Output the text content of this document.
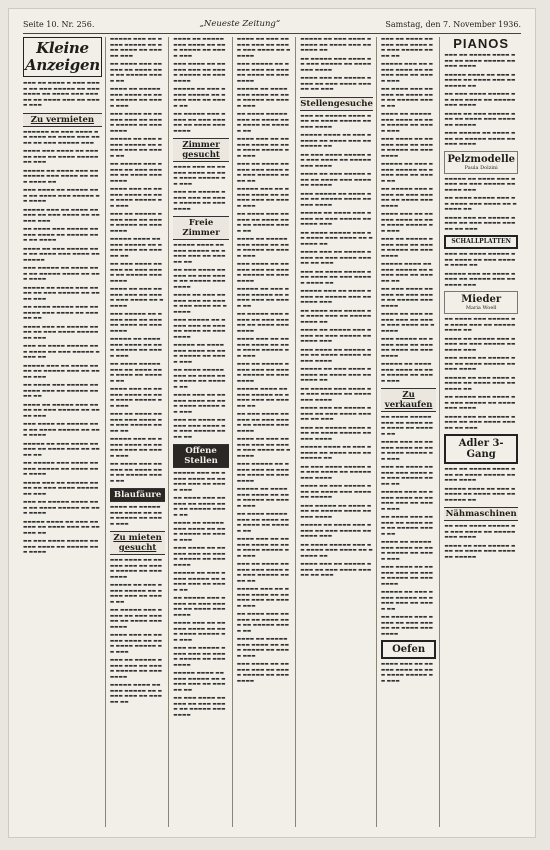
Seite 10. Nr. 256.	„Neueste Zeitung“	Samstag, den 7. November 1936.
Kleine Anzeigen

▬▬▬ ▬▬ ▬▬▬▬ ▬ ▬▬▬ ▬▬▬▬ ▬▬ ▬▬▬ ▬▬▬▬▬ ▬▬ ▬▬▬ ▬▬▬▬ ▬▬ ▬▬▬▬ ▬▬▬ ▬▬▬▬▬ ▬▬ ▬▬▬▬ ▬▬▬ ▬▬ ▬▬▬▬ ▬▬▬

Zu vermieten

▬▬▬▬▬▬ ▬▬ ▬▬▬ ▬▬▬▬ ▬▬ ▬▬▬▬ ▬▬ ▬▬▬▬ ▬▬▬ ▬▬▬▬ ▬▬ ▬▬▬ ▬▬▬▬▬ ▬▬▬

▬▬▬▬ ▬▬▬ ▬▬▬▬ ▬▬ ▬▬▬▬▬ ▬▬▬ ▬▬ ▬▬▬▬ ▬▬▬▬▬ ▬▬ ▬▬▬

▬▬▬▬▬ ▬▬ ▬▬▬▬ ▬▬▬ ▬▬ ▬▬▬▬▬ ▬▬▬ ▬▬▬▬ ▬▬ ▬▬▬ ▬▬▬▬ ▬▬

▬▬▬ ▬▬▬▬ ▬▬ ▬▬▬▬▬ ▬▬▬ ▬▬ ▬▬▬▬ ▬▬▬ ▬▬▬▬▬ ▬▬ ▬▬▬▬

▬▬▬▬▬ ▬▬▬ ▬▬ ▬▬▬▬ ▬▬▬▬▬ ▬▬ ▬▬▬ ▬▬▬▬ ▬▬ ▬▬▬▬▬ ▬▬▬

▬▬ ▬▬▬▬ ▬▬▬ ▬▬▬▬▬ ▬▬ ▬▬▬ ▬▬▬▬ ▬▬ ▬▬▬▬▬ ▬▬▬ ▬▬ ▬▬▬▬

▬▬▬▬ ▬▬ ▬▬▬ ▬▬▬▬▬ ▬▬▬ ▬▬ ▬▬▬▬ ▬▬▬ ▬▬▬▬ ▬▬ ▬▬▬▬▬

▬▬▬ ▬▬▬▬▬ ▬▬ ▬▬▬▬ ▬▬▬ ▬▬ ▬▬▬▬▬ ▬▬▬▬ ▬▬ ▬▬▬ ▬▬▬▬

▬▬▬▬▬ ▬▬ ▬▬▬▬ ▬▬▬ ▬▬▬▬ ▬▬ ▬▬▬ ▬▬▬▬▬ ▬▬ ▬▬▬▬ ▬▬▬

▬▬ ▬▬▬▬ ▬▬▬▬▬ ▬▬▬ ▬▬ ▬▬▬▬ ▬▬▬ ▬▬▬▬ ▬▬ ▬▬▬▬▬ ▬▬

▬▬▬▬ ▬▬▬ ▬▬ ▬▬▬▬▬ ▬▬▬▬ ▬▬ ▬▬▬ ▬▬▬▬ ▬▬▬▬▬ ▬▬ ▬▬▬

▬▬▬ ▬▬ ▬▬▬▬ ▬▬▬▬▬ ▬▬▬ ▬▬▬▬ ▬▬ ▬▬▬ ▬▬▬▬▬ ▬▬▬▬ ▬▬

▬▬▬▬▬ ▬▬▬ ▬▬ ▬▬▬▬ ▬▬▬▬ ▬▬ ▬▬▬▬▬ ▬▬▬ ▬▬ ▬▬▬▬ ▬▬▬

▬▬ ▬▬▬▬ ▬▬▬ ▬▬▬▬▬ ▬▬ ▬▬▬▬ ▬▬▬ ▬▬ ▬▬▬▬▬ ▬▬▬▬ ▬▬

▬▬▬▬ ▬▬ ▬▬▬▬▬ ▬▬▬ ▬▬▬▬ ▬▬ ▬▬▬ ▬▬▬▬▬ ▬▬ ▬▬▬▬ ▬▬▬

▬▬▬ ▬▬▬▬ ▬▬ ▬▬▬▬▬ ▬▬▬ ▬▬ ▬▬▬▬ ▬▬▬▬▬ ▬▬ ▬▬▬ ▬▬▬▬

▬▬▬▬▬ ▬▬ ▬▬▬ ▬▬▬▬ ▬▬▬▬▬ ▬▬ ▬▬▬▬ ▬▬▬ ▬▬ ▬▬▬▬ ▬▬

▬▬ ▬▬▬▬▬ ▬▬▬ ▬▬▬▬ ▬▬ ▬▬▬ ▬▬▬▬▬ ▬▬ ▬▬▬▬ ▬▬▬ ▬▬▬▬

▬▬▬▬ ▬▬▬ ▬▬ ▬▬▬▬▬ ▬▬▬▬ ▬▬ ▬▬▬ ▬▬▬▬ ▬▬▬▬▬ ▬▬ ▬▬▬

▬▬▬ ▬▬ ▬▬▬▬▬ ▬▬▬▬ ▬▬▬ ▬▬ ▬▬▬▬ ▬▬▬▬▬ ▬▬ ▬▬▬ ▬▬▬▬

▬▬▬▬▬ ▬▬▬▬ ▬▬ ▬▬▬ ▬▬▬▬▬ ▬▬ ▬▬▬▬ ▬▬▬ ▬▬ ▬▬▬▬▬ ▬▬

▬▬ ▬▬▬ ▬▬▬▬ ▬▬▬▬▬ ▬▬ ▬▬▬ ▬▬▬▬ ▬▬ ▬▬▬▬▬ ▬▬▬ ▬▬▬▬

▬▬▬▬▬ ▬▬▬ ▬▬ ▬▬▬▬ ▬▬▬▬▬ ▬▬ ▬▬▬ ▬▬▬▬ ▬▬ ▬▬▬▬▬ ▬▬▬

▬▬ ▬▬▬▬ ▬▬▬ ▬▬▬▬▬ ▬▬ ▬▬▬▬ ▬▬▬ ▬▬ ▬▬▬▬▬ ▬▬▬▬ ▬▬

▬▬▬▬ ▬▬ ▬▬▬▬▬ ▬▬▬ ▬▬▬▬ ▬▬ ▬▬▬ ▬▬▬▬▬ ▬▬ ▬▬▬▬ ▬▬▬

▬▬▬ ▬▬▬▬ ▬▬ ▬▬▬▬▬ ▬▬▬ ▬▬ ▬▬▬▬ ▬▬▬▬▬ ▬▬ ▬▬▬ ▬▬▬▬

▬▬▬▬▬ ▬▬ ▬▬▬ ▬▬▬▬ ▬▬▬▬▬ ▬▬ ▬▬▬▬ ▬▬▬ ▬▬ ▬▬▬▬ ▬▬

▬▬ ▬▬▬▬▬ ▬▬▬ ▬▬▬▬ ▬▬ ▬▬▬ ▬▬▬▬▬ ▬▬ ▬▬▬▬ ▬▬▬ ▬▬▬▬

▬▬▬▬ ▬▬▬ ▬▬ ▬▬▬▬▬ ▬▬▬▬ ▬▬ ▬▬▬ ▬▬▬▬ ▬▬▬▬▬ ▬▬ ▬▬▬

▬▬▬ ▬▬ ▬▬▬▬▬ ▬▬▬▬ ▬▬▬ ▬▬ ▬▬▬▬ ▬▬▬▬▬ ▬▬ ▬▬▬ ▬▬▬▬

▬▬▬▬▬ ▬▬▬▬ ▬▬ ▬▬▬ ▬▬▬▬▬ ▬▬ ▬▬▬▬ ▬▬▬ ▬▬ ▬▬▬▬▬ ▬▬

▬▬ ▬▬▬ ▬▬▬▬ ▬▬▬▬▬ ▬▬ ▬▬▬ ▬▬▬▬ ▬▬ ▬▬▬▬▬ ▬▬▬ ▬▬▬▬

▬▬▬▬ ▬▬ ▬▬▬ ▬▬▬▬▬ ▬▬▬ ▬▬ ▬▬▬▬ ▬▬▬ ▬▬▬▬ ▬▬ ▬▬▬▬▬

▬▬▬ ▬▬▬▬▬ ▬▬ ▬▬▬▬ ▬▬▬ ▬▬ ▬▬▬▬▬ ▬▬▬▬ ▬▬ ▬▬▬ ▬▬▬▬

▬▬▬▬▬ ▬▬ ▬▬▬▬ ▬▬▬ ▬▬▬▬ ▬▬ ▬▬▬ ▬▬▬▬▬ ▬▬ ▬▬▬▬ ▬▬▬

▬▬ ▬▬▬▬ ▬▬▬▬▬ ▬▬▬ ▬▬ ▬▬▬▬ ▬▬▬ ▬▬▬▬ ▬▬ ▬▬▬▬▬ ▬▬

▬▬▬▬ ▬▬▬ ▬▬ ▬▬▬▬▬ ▬▬▬▬ ▬▬ ▬▬▬ ▬▬▬▬ ▬▬▬▬▬ ▬▬ ▬▬▬

▬▬▬ ▬▬ ▬▬▬▬ ▬▬▬▬▬ ▬▬▬ ▬▬▬▬ ▬▬ ▬▬▬ ▬▬▬▬▬ ▬▬▬▬ ▬▬

▬▬▬▬▬ ▬▬▬ ▬▬ ▬▬▬▬ ▬▬▬▬ ▬▬ ▬▬▬▬▬ ▬▬▬ ▬▬ ▬▬▬▬ ▬▬▬

▬▬ ▬▬▬▬ ▬▬▬ ▬▬▬▬▬ ▬▬ ▬▬▬▬ ▬▬▬ ▬▬ ▬▬▬▬▬ ▬▬▬▬ ▬▬

Blaufäure

▬▬▬▬ ▬▬ ▬▬▬▬▬ ▬▬▬ ▬▬▬▬ ▬▬ ▬▬▬ ▬▬▬▬▬ ▬▬ ▬▬▬▬ ▬▬▬

Zu mieten gesucht

▬▬▬ ▬▬▬▬ ▬▬ ▬▬▬▬▬ ▬▬▬ ▬▬ ▬▬▬▬ ▬▬▬▬▬ ▬▬ ▬▬▬ ▬▬▬▬

▬▬▬▬▬ ▬▬ ▬▬▬ ▬▬▬▬ ▬▬▬▬▬ ▬▬ ▬▬▬▬ ▬▬▬ ▬▬ ▬▬▬▬ ▬▬

▬▬ ▬▬▬▬▬ ▬▬▬ ▬▬▬▬ ▬▬ ▬▬▬ ▬▬▬▬▬ ▬▬ ▬▬▬▬ ▬▬▬ ▬▬▬▬

▬▬▬▬ ▬▬▬ ▬▬ ▬▬▬▬▬ ▬▬▬▬ ▬▬ ▬▬▬ ▬▬▬▬ ▬▬▬▬▬ ▬▬ ▬▬▬

▬▬▬ ▬▬ ▬▬▬▬▬ ▬▬▬▬ ▬▬▬ ▬▬ ▬▬▬▬ ▬▬▬▬▬ ▬▬ ▬▬▬ ▬▬▬▬

▬▬▬▬▬ ▬▬▬▬ ▬▬ ▬▬▬ ▬▬▬▬▬ ▬▬ ▬▬▬▬ ▬▬▬ ▬▬ ▬▬▬▬▬ ▬▬

▬▬▬▬ ▬▬ ▬▬▬▬▬ ▬▬▬ ▬▬▬▬ ▬▬ ▬▬▬ ▬▬▬▬▬ ▬▬ ▬▬▬▬ ▬▬▬

▬▬▬ ▬▬▬▬ ▬▬ ▬▬▬▬▬ ▬▬▬ ▬▬ ▬▬▬▬ ▬▬▬▬▬ ▬▬ ▬▬▬ ▬▬▬▬

▬▬▬▬▬ ▬▬ ▬▬▬ ▬▬▬▬ ▬▬▬▬▬ ▬▬ ▬▬▬▬ ▬▬▬ ▬▬ ▬▬▬▬ ▬▬

▬▬ ▬▬▬▬▬ ▬▬▬ ▬▬▬▬ ▬▬ ▬▬▬ ▬▬▬▬▬ ▬▬ ▬▬▬▬ ▬▬▬ ▬▬▬▬

Zimmer gesucht

▬▬▬▬ ▬▬▬ ▬▬ ▬▬▬▬▬ ▬▬▬▬ ▬▬ ▬▬▬ ▬▬▬▬ ▬▬▬▬▬ ▬▬ ▬▬▬

▬▬▬ ▬▬ ▬▬▬▬▬ ▬▬▬▬ ▬▬▬ ▬▬ ▬▬▬▬ ▬▬▬▬▬ ▬▬ ▬▬▬ ▬▬▬▬

Freie Zimmer

▬▬▬▬▬ ▬▬▬▬ ▬▬ ▬▬▬ ▬▬▬▬▬ ▬▬ ▬▬▬▬ ▬▬▬ ▬▬ ▬▬▬▬▬ ▬▬

▬▬ ▬▬▬ ▬▬▬▬ ▬▬▬▬▬ ▬▬ ▬▬▬ ▬▬▬▬ ▬▬ ▬▬▬▬▬ ▬▬▬ ▬▬▬▬

▬▬▬▬ ▬▬ ▬▬▬ ▬▬▬▬▬ ▬▬▬ ▬▬ ▬▬▬▬ ▬▬▬ ▬▬▬▬ ▬▬ ▬▬▬▬▬

▬▬▬ ▬▬▬▬▬ ▬▬ ▬▬▬▬ ▬▬▬ ▬▬ ▬▬▬▬▬ ▬▬▬▬ ▬▬ ▬▬▬ ▬▬▬▬

▬▬▬▬▬ ▬▬ ▬▬▬▬ ▬▬▬ ▬▬▬▬ ▬▬ ▬▬▬ ▬▬▬▬▬ ▬▬ ▬▬▬▬ ▬▬▬

▬▬ ▬▬▬▬ ▬▬▬▬▬ ▬▬▬ ▬▬ ▬▬▬▬ ▬▬▬ ▬▬▬▬ ▬▬ ▬▬▬▬▬ ▬▬

▬▬▬▬ ▬▬▬ ▬▬ ▬▬▬▬▬ ▬▬▬▬ ▬▬ ▬▬▬ ▬▬▬▬ ▬▬▬▬▬ ▬▬ ▬▬▬

▬▬▬ ▬▬ ▬▬▬▬ ▬▬▬▬▬ ▬▬▬ ▬▬▬▬ ▬▬ ▬▬▬ ▬▬▬▬▬ ▬▬▬▬ ▬▬

Offene Stellen

▬▬▬▬▬ ▬▬▬ ▬▬ ▬▬▬▬ ▬▬▬▬ ▬▬ ▬▬▬▬▬ ▬▬▬ ▬▬ ▬▬▬▬ ▬▬▬

▬▬ ▬▬▬▬ ▬▬▬ ▬▬▬▬▬ ▬▬ ▬▬▬▬ ▬▬▬ ▬▬ ▬▬▬▬▬ ▬▬▬▬ ▬▬

▬▬▬▬ ▬▬ ▬▬▬▬▬ ▬▬▬ ▬▬▬▬ ▬▬ ▬▬▬ ▬▬▬▬▬ ▬▬ ▬▬▬▬ ▬▬▬

▬▬▬ ▬▬▬▬ ▬▬ ▬▬▬▬▬ ▬▬▬ ▬▬ ▬▬▬▬ ▬▬▬▬▬ ▬▬ ▬▬▬ ▬▬▬▬

▬▬▬▬▬ ▬▬ ▬▬▬ ▬▬▬▬ ▬▬▬▬▬ ▬▬ ▬▬▬▬ ▬▬▬ ▬▬ ▬▬▬▬ ▬▬

▬▬ ▬▬▬▬▬ ▬▬▬ ▬▬▬▬ ▬▬ ▬▬▬ ▬▬▬▬▬ ▬▬ ▬▬▬▬ ▬▬▬ ▬▬▬▬

▬▬▬▬ ▬▬▬ ▬▬ ▬▬▬▬▬ ▬▬▬▬ ▬▬ ▬▬▬ ▬▬▬▬ ▬▬▬▬▬ ▬▬ ▬▬▬

▬▬▬ ▬▬ ▬▬▬▬▬ ▬▬▬▬ ▬▬▬ ▬▬ ▬▬▬▬ ▬▬▬▬▬ ▬▬ ▬▬▬ ▬▬▬▬

▬▬▬▬▬ ▬▬▬▬ ▬▬ ▬▬▬ ▬▬▬▬▬ ▬▬ ▬▬▬▬ ▬▬▬ ▬▬ ▬▬▬▬▬ ▬▬

▬▬ ▬▬▬ ▬▬▬▬ ▬▬▬▬▬ ▬▬ ▬▬▬ ▬▬▬▬ ▬▬ ▬▬▬▬▬ ▬▬▬ ▬▬▬▬

▬▬▬▬ ▬▬ ▬▬▬ ▬▬▬▬▬ ▬▬▬ ▬▬ ▬▬▬▬ ▬▬▬ ▬▬▬▬ ▬▬ ▬▬▬▬▬

▬▬▬ ▬▬▬▬▬ ▬▬ ▬▬▬▬ ▬▬▬ ▬▬ ▬▬▬▬▬ ▬▬▬▬ ▬▬ ▬▬▬ ▬▬▬▬

▬▬▬▬▬ ▬▬ ▬▬▬▬ ▬▬▬ ▬▬▬▬ ▬▬ ▬▬▬ ▬▬▬▬▬ ▬▬ ▬▬▬▬ ▬▬▬

▬▬ ▬▬▬▬ ▬▬▬▬▬ ▬▬▬ ▬▬ ▬▬▬▬ ▬▬▬ ▬▬▬▬ ▬▬ ▬▬▬▬▬ ▬▬

▬▬▬▬ ▬▬▬ ▬▬ ▬▬▬▬▬ ▬▬▬▬ ▬▬ ▬▬▬ ▬▬▬▬ ▬▬▬▬▬ ▬▬ ▬▬▬

▬▬▬ ▬▬ ▬▬▬▬ ▬▬▬▬▬ ▬▬▬ ▬▬▬▬ ▬▬ ▬▬▬ ▬▬▬▬▬ ▬▬▬▬ ▬▬

▬▬▬▬▬ ▬▬▬ ▬▬ ▬▬▬▬ ▬▬▬▬ ▬▬ ▬▬▬▬▬ ▬▬▬ ▬▬ ▬▬▬▬ ▬▬▬

▬▬ ▬▬▬▬ ▬▬▬ ▬▬▬▬▬ ▬▬ ▬▬▬▬ ▬▬▬ ▬▬ ▬▬▬▬▬ ▬▬▬▬ ▬▬

▬▬▬▬ ▬▬ ▬▬▬▬▬ ▬▬▬ ▬▬▬▬ ▬▬ ▬▬▬ ▬▬▬▬▬ ▬▬ ▬▬▬▬ ▬▬▬

▬▬▬ ▬▬▬▬ ▬▬ ▬▬▬▬▬ ▬▬▬ ▬▬ ▬▬▬▬ ▬▬▬▬▬ ▬▬ ▬▬▬ ▬▬▬▬

▬▬▬▬▬ ▬▬ ▬▬▬ ▬▬▬▬ ▬▬▬▬▬ ▬▬ ▬▬▬▬ ▬▬▬ ▬▬ ▬▬▬▬ ▬▬

▬▬ ▬▬▬▬▬ ▬▬▬ ▬▬▬▬ ▬▬ ▬▬▬ ▬▬▬▬▬ ▬▬ ▬▬▬▬ ▬▬▬ ▬▬▬▬

▬▬▬▬ ▬▬▬ ▬▬ ▬▬▬▬▬ ▬▬▬▬ ▬▬ ▬▬▬ ▬▬▬▬ ▬▬▬▬▬ ▬▬ ▬▬▬

▬▬▬ ▬▬ ▬▬▬▬▬ ▬▬▬▬ ▬▬▬ ▬▬ ▬▬▬▬ ▬▬▬▬▬ ▬▬ ▬▬▬ ▬▬▬▬

▬▬▬▬▬ ▬▬▬▬ ▬▬ ▬▬▬ ▬▬▬▬▬ ▬▬ ▬▬▬▬ ▬▬▬ ▬▬ ▬▬▬▬▬ ▬▬

▬▬ ▬▬▬ ▬▬▬▬ ▬▬▬▬▬ ▬▬ ▬▬▬ ▬▬▬▬ ▬▬ ▬▬▬▬▬ ▬▬▬ ▬▬▬▬

▬▬▬▬ ▬▬ ▬▬▬ ▬▬▬▬▬ ▬▬▬ ▬▬ ▬▬▬▬ ▬▬▬ ▬▬▬▬ ▬▬ ▬▬▬▬▬

▬▬▬ ▬▬▬▬▬ ▬▬ ▬▬▬▬ ▬▬▬ ▬▬ ▬▬▬▬▬ ▬▬▬▬ ▬▬ ▬▬▬ ▬▬▬▬

▬▬▬▬▬ ▬▬ ▬▬▬▬ ▬▬▬ ▬▬▬▬ ▬▬ ▬▬▬ ▬▬▬▬▬ ▬▬ ▬▬▬▬ ▬▬▬

▬▬ ▬▬▬▬ ▬▬▬▬▬ ▬▬▬ ▬▬ ▬▬▬▬ ▬▬▬ ▬▬▬▬ ▬▬ ▬▬▬▬▬ ▬▬

▬▬▬▬ ▬▬▬ ▬▬ ▬▬▬▬▬ ▬▬▬▬ ▬▬ ▬▬▬ ▬▬▬▬ ▬▬▬▬▬ ▬▬ ▬▬▬

▬▬▬ ▬▬ ▬▬▬▬ ▬▬▬▬▬ ▬▬▬ ▬▬▬▬ ▬▬ ▬▬▬ ▬▬▬▬▬ ▬▬▬▬ ▬▬

▬▬▬▬▬ ▬▬▬ ▬▬ ▬▬▬▬ ▬▬▬▬ ▬▬ ▬▬▬▬▬ ▬▬▬ ▬▬ ▬▬▬▬ ▬▬▬

▬▬ ▬▬▬▬ ▬▬▬ ▬▬▬▬▬ ▬▬ ▬▬▬▬ ▬▬▬ ▬▬ ▬▬▬▬▬ ▬▬▬▬ ▬▬

▬▬▬▬ ▬▬ ▬▬▬▬▬ ▬▬▬ ▬▬▬▬ ▬▬ ▬▬▬ ▬▬▬▬▬ ▬▬ ▬▬▬▬ ▬▬▬

▬▬▬ ▬▬▬▬ ▬▬ ▬▬▬▬▬ ▬▬▬ ▬▬ ▬▬▬▬ ▬▬▬▬▬ ▬▬ ▬▬▬ ▬▬▬▬

▬▬▬▬▬ ▬▬ ▬▬▬ ▬▬▬▬ ▬▬▬▬▬ ▬▬ ▬▬▬▬ ▬▬▬ ▬▬ ▬▬▬▬ ▬▬

▬▬ ▬▬▬▬▬ ▬▬▬ ▬▬▬▬ ▬▬ ▬▬▬ ▬▬▬▬▬ ▬▬ ▬▬▬▬ ▬▬▬ ▬▬▬▬

▬▬▬▬ ▬▬▬ ▬▬ ▬▬▬▬▬ ▬▬▬▬ ▬▬ ▬▬▬ ▬▬▬▬ ▬▬▬▬▬ ▬▬ ▬▬▬

Stellengesuche

▬▬▬ ▬▬ ▬▬▬▬▬ ▬▬▬▬ ▬▬▬ ▬▬ ▬▬▬▬ ▬▬▬▬▬ ▬▬ ▬▬▬ ▬▬▬▬

▬▬▬▬▬ ▬▬▬▬ ▬▬ ▬▬▬ ▬▬▬▬▬ ▬▬ ▬▬▬▬ ▬▬▬ ▬▬ ▬▬▬▬▬ ▬▬

▬▬ ▬▬▬ ▬▬▬▬ ▬▬▬▬▬ ▬▬ ▬▬▬ ▬▬▬▬ ▬▬ ▬▬▬▬▬ ▬▬▬ ▬▬▬▬

▬▬▬▬ ▬▬ ▬▬▬ ▬▬▬▬▬ ▬▬▬ ▬▬ ▬▬▬▬ ▬▬▬ ▬▬▬▬ ▬▬ ▬▬▬▬▬

▬▬▬ ▬▬▬▬▬ ▬▬ ▬▬▬▬ ▬▬▬ ▬▬ ▬▬▬▬▬ ▬▬▬▬ ▬▬ ▬▬▬ ▬▬▬▬

▬▬▬▬▬ ▬▬ ▬▬▬▬ ▬▬▬ ▬▬▬▬ ▬▬ ▬▬▬ ▬▬▬▬▬ ▬▬ ▬▬▬▬ ▬▬▬

▬▬ ▬▬▬▬ ▬▬▬▬▬ ▬▬▬ ▬▬ ▬▬▬▬ ▬▬▬ ▬▬▬▬ ▬▬ ▬▬▬▬▬ ▬▬

▬▬▬▬ ▬▬▬ ▬▬ ▬▬▬▬▬ ▬▬▬▬ ▬▬ ▬▬▬ ▬▬▬▬ ▬▬▬▬▬ ▬▬ ▬▬▬

▬▬▬ ▬▬ ▬▬▬▬ ▬▬▬▬▬ ▬▬▬ ▬▬▬▬ ▬▬ ▬▬▬ ▬▬▬▬▬ ▬▬▬▬ ▬▬

▬▬▬▬▬ ▬▬▬ ▬▬ ▬▬▬▬ ▬▬▬▬ ▬▬ ▬▬▬▬▬ ▬▬▬ ▬▬ ▬▬▬▬ ▬▬▬

▬▬ ▬▬▬▬ ▬▬▬ ▬▬▬▬▬ ▬▬ ▬▬▬▬ ▬▬▬ ▬▬ ▬▬▬▬▬ ▬▬▬▬ ▬▬

▬▬▬▬ ▬▬ ▬▬▬▬▬ ▬▬▬ ▬▬▬▬ ▬▬ ▬▬▬ ▬▬▬▬▬ ▬▬ ▬▬▬▬ ▬▬▬

▬▬▬ ▬▬▬▬ ▬▬ ▬▬▬▬▬ ▬▬▬ ▬▬ ▬▬▬▬ ▬▬▬▬▬ ▬▬ ▬▬▬ ▬▬▬▬

▬▬▬▬▬ ▬▬ ▬▬▬ ▬▬▬▬ ▬▬▬▬▬ ▬▬ ▬▬▬▬ ▬▬▬ ▬▬ ▬▬▬▬ ▬▬

▬▬ ▬▬▬▬▬ ▬▬▬ ▬▬▬▬ ▬▬ ▬▬▬ ▬▬▬▬▬ ▬▬ ▬▬▬▬ ▬▬▬ ▬▬▬▬

▬▬▬▬ ▬▬▬ ▬▬ ▬▬▬▬▬ ▬▬▬▬ ▬▬ ▬▬▬ ▬▬▬▬ ▬▬▬▬▬ ▬▬ ▬▬▬

▬▬▬ ▬▬ ▬▬▬▬▬ ▬▬▬▬ ▬▬▬ ▬▬ ▬▬▬▬ ▬▬▬▬▬ ▬▬ ▬▬▬ ▬▬▬▬

▬▬▬▬▬ ▬▬▬▬ ▬▬ ▬▬▬ ▬▬▬▬▬ ▬▬ ▬▬▬▬ ▬▬▬ ▬▬ ▬▬▬▬▬ ▬▬

▬▬ ▬▬▬ ▬▬▬▬ ▬▬▬▬▬ ▬▬ ▬▬▬ ▬▬▬▬ ▬▬ ▬▬▬▬▬ ▬▬▬ ▬▬▬▬

▬▬▬▬ ▬▬ ▬▬▬ ▬▬▬▬▬ ▬▬▬ ▬▬ ▬▬▬▬ ▬▬▬ ▬▬▬▬ ▬▬ ▬▬▬▬▬

▬▬▬ ▬▬▬▬▬ ▬▬ ▬▬▬▬ ▬▬▬ ▬▬ ▬▬▬▬▬ ▬▬▬▬ ▬▬ ▬▬▬ ▬▬▬▬

▬▬▬▬▬ ▬▬ ▬▬▬▬ ▬▬▬ ▬▬▬▬ ▬▬ ▬▬▬ ▬▬▬▬▬ ▬▬ ▬▬▬▬ ▬▬▬

▬▬ ▬▬▬▬ ▬▬▬▬▬ ▬▬▬ ▬▬ ▬▬▬▬ ▬▬▬ ▬▬▬▬ ▬▬ ▬▬▬▬▬ ▬▬

▬▬▬▬ ▬▬▬ ▬▬ ▬▬▬▬▬ ▬▬▬▬ ▬▬ ▬▬▬ ▬▬▬▬ ▬▬▬▬▬ ▬▬ ▬▬▬

▬▬▬ ▬▬ ▬▬▬▬ ▬▬▬▬▬ ▬▬▬ ▬▬▬▬ ▬▬ ▬▬▬ ▬▬▬▬▬ ▬▬▬▬ ▬▬

▬▬▬▬▬ ▬▬▬ ▬▬ ▬▬▬▬ ▬▬▬▬ ▬▬ ▬▬▬▬▬ ▬▬▬ ▬▬ ▬▬▬▬ ▬▬▬

▬▬ ▬▬▬▬ ▬▬▬ ▬▬▬▬▬ ▬▬ ▬▬▬▬ ▬▬▬ ▬▬ ▬▬▬▬▬ ▬▬▬▬ ▬▬

▬▬▬▬ ▬▬ ▬▬▬▬▬ ▬▬▬ ▬▬▬▬ ▬▬ ▬▬▬ ▬▬▬▬▬ ▬▬ ▬▬▬▬ ▬▬▬

▬▬▬ ▬▬▬▬ ▬▬ ▬▬▬▬▬ ▬▬▬ ▬▬ ▬▬▬▬ ▬▬▬▬▬ ▬▬ ▬▬▬ ▬▬▬▬

▬▬▬▬▬ ▬▬ ▬▬▬ ▬▬▬▬ ▬▬▬▬▬ ▬▬ ▬▬▬▬ ▬▬▬ ▬▬ ▬▬▬▬ ▬▬

▬▬ ▬▬▬▬▬ ▬▬▬ ▬▬▬▬ ▬▬ ▬▬▬ ▬▬▬▬▬ ▬▬ ▬▬▬▬ ▬▬▬ ▬▬▬▬

▬▬▬▬ ▬▬▬ ▬▬ ▬▬▬▬▬ ▬▬▬▬ ▬▬ ▬▬▬ ▬▬▬▬ ▬▬▬▬▬ ▬▬ ▬▬▬

▬▬▬ ▬▬ ▬▬▬▬▬ ▬▬▬▬ ▬▬▬ ▬▬ ▬▬▬▬ ▬▬▬▬▬ ▬▬ ▬▬▬ ▬▬▬▬

▬▬▬▬▬ ▬▬▬▬ ▬▬ ▬▬▬ ▬▬▬▬▬ ▬▬ ▬▬▬▬ ▬▬▬ ▬▬ ▬▬▬▬▬ ▬▬

▬▬ ▬▬▬ ▬▬▬▬ ▬▬▬▬▬ ▬▬ ▬▬▬ ▬▬▬▬ ▬▬ ▬▬▬▬▬ ▬▬▬ ▬▬▬▬

▬▬▬▬ ▬▬ ▬▬▬ ▬▬▬▬▬ ▬▬▬ ▬▬ ▬▬▬▬ ▬▬▬ ▬▬▬▬ ▬▬ ▬▬▬▬▬

▬▬▬ ▬▬▬▬▬ ▬▬ ▬▬▬▬ ▬▬▬ ▬▬ ▬▬▬▬▬ ▬▬▬▬ ▬▬ ▬▬▬ ▬▬▬▬

▬▬▬▬▬ ▬▬ ▬▬▬▬ ▬▬▬ ▬▬▬▬ ▬▬ ▬▬▬ ▬▬▬▬▬ ▬▬ ▬▬▬▬ ▬▬▬

Zu verkaufen

▬▬ ▬▬▬▬ ▬▬▬▬▬ ▬▬▬ ▬▬ ▬▬▬▬ ▬▬▬ ▬▬▬▬ ▬▬ ▬▬▬▬▬ ▬▬

▬▬▬▬ ▬▬▬ ▬▬ ▬▬▬▬▬ ▬▬▬▬ ▬▬ ▬▬▬ ▬▬▬▬ ▬▬▬▬▬ ▬▬ ▬▬▬

▬▬▬ ▬▬ ▬▬▬▬ ▬▬▬▬▬ ▬▬▬ ▬▬▬▬ ▬▬ ▬▬▬ ▬▬▬▬▬ ▬▬▬▬ ▬▬

▬▬▬▬▬ ▬▬▬ ▬▬ ▬▬▬▬ ▬▬▬▬ ▬▬ ▬▬▬▬▬ ▬▬▬ ▬▬ ▬▬▬▬ ▬▬▬

▬▬ ▬▬▬▬ ▬▬▬ ▬▬▬▬▬ ▬▬ ▬▬▬▬ ▬▬▬ ▬▬ ▬▬▬▬▬ ▬▬▬▬ ▬▬

▬▬▬▬ ▬▬ ▬▬▬▬▬ ▬▬▬ ▬▬▬▬ ▬▬ ▬▬▬ ▬▬▬▬▬ ▬▬ ▬▬▬▬ ▬▬▬

▬▬▬ ▬▬▬▬ ▬▬ ▬▬▬▬▬ ▬▬▬ ▬▬ ▬▬▬▬ ▬▬▬▬▬ ▬▬ ▬▬▬ ▬▬▬▬

▬▬▬▬▬ ▬▬ ▬▬▬ ▬▬▬▬ ▬▬▬▬▬ ▬▬ ▬▬▬▬ ▬▬▬ ▬▬ ▬▬▬▬ ▬▬

▬▬ ▬▬▬▬▬ ▬▬▬ ▬▬▬▬ ▬▬ ▬▬▬ ▬▬▬▬▬ ▬▬ ▬▬▬▬ ▬▬▬ ▬▬▬▬

Oefen

▬▬▬▬ ▬▬▬ ▬▬ ▬▬▬▬▬ ▬▬▬▬ ▬▬ ▬▬▬ ▬▬▬▬ ▬▬▬▬▬ ▬▬ ▬▬▬

PIANOS

▬▬▬ ▬▬ ▬▬▬▬▬ ▬▬▬▬ ▬▬▬ ▬▬ ▬▬▬▬ ▬▬▬▬▬ ▬▬ ▬▬▬ ▬▬▬▬

▬▬▬▬▬ ▬▬▬▬ ▬▬ ▬▬▬ ▬▬▬▬▬ ▬▬ ▬▬▬▬ ▬▬▬ ▬▬ ▬▬▬▬▬ ▬▬

▬▬ ▬▬▬ ▬▬▬▬ ▬▬▬▬▬ ▬▬ ▬▬▬ ▬▬▬▬ ▬▬ ▬▬▬▬▬ ▬▬▬ ▬▬▬▬

▬▬▬▬ ▬▬ ▬▬▬ ▬▬▬▬▬ ▬▬▬ ▬▬ ▬▬▬▬ ▬▬▬ ▬▬▬▬ ▬▬ ▬▬▬▬▬

▬▬▬ ▬▬▬▬▬ ▬▬ ▬▬▬▬ ▬▬▬ ▬▬ ▬▬▬▬▬ ▬▬▬▬ ▬▬ ▬▬▬ ▬▬▬▬

Pelzmodelle
Paula Dolzini

▬▬▬▬▬ ▬▬ ▬▬▬▬ ▬▬▬ ▬▬▬▬ ▬▬ ▬▬▬ ▬▬▬▬▬ ▬▬ ▬▬▬▬ ▬▬▬

▬▬ ▬▬▬▬ ▬▬▬▬▬ ▬▬▬ ▬▬ ▬▬▬▬ ▬▬▬ ▬▬▬▬ ▬▬ ▬▬▬▬▬ ▬▬

▬▬▬▬ ▬▬▬ ▬▬ ▬▬▬▬▬ ▬▬▬▬ ▬▬ ▬▬▬ ▬▬▬▬ ▬▬▬▬▬ ▬▬ ▬▬▬

SCHALLPLATTEN

▬▬▬ ▬▬ ▬▬▬▬ ▬▬▬▬▬ ▬▬▬ ▬▬▬▬ ▬▬ ▬▬▬ ▬▬▬▬▬ ▬▬▬▬ ▬▬

▬▬▬▬▬ ▬▬▬ ▬▬ ▬▬▬▬ ▬▬▬▬ ▬▬ ▬▬▬▬▬ ▬▬▬ ▬▬ ▬▬▬▬ ▬▬▬

Mieder
Maria Woell

▬▬ ▬▬▬▬ ▬▬▬ ▬▬▬▬▬ ▬▬ ▬▬▬▬ ▬▬▬ ▬▬ ▬▬▬▬▬ ▬▬▬▬ ▬▬

▬▬▬▬ ▬▬ ▬▬▬▬▬ ▬▬▬ ▬▬▬▬ ▬▬ ▬▬▬ ▬▬▬▬▬ ▬▬ ▬▬▬▬ ▬▬▬

▬▬▬ ▬▬▬▬ ▬▬ ▬▬▬▬▬ ▬▬▬ ▬▬ ▬▬▬▬ ▬▬▬▬▬ ▬▬ ▬▬▬ ▬▬▬▬

▬▬▬▬▬ ▬▬ ▬▬▬ ▬▬▬▬ ▬▬▬▬▬ ▬▬ ▬▬▬▬ ▬▬▬ ▬▬ ▬▬▬▬ ▬▬

▬▬ ▬▬▬▬▬ ▬▬▬ ▬▬▬▬ ▬▬ ▬▬▬ ▬▬▬▬▬ ▬▬ ▬▬▬▬ ▬▬▬ ▬▬▬▬

▬▬▬▬ ▬▬▬ ▬▬ ▬▬▬▬▬ ▬▬▬▬ ▬▬ ▬▬▬ ▬▬▬▬ ▬▬▬▬▬ ▬▬ ▬▬▬

Adler 3-Gang

▬▬▬ ▬▬ ▬▬▬▬▬ ▬▬▬▬ ▬▬▬ ▬▬ ▬▬▬▬ ▬▬▬▬▬ ▬▬ ▬▬▬ ▬▬▬▬

▬▬▬▬▬ ▬▬▬▬ ▬▬ ▬▬▬ ▬▬▬▬▬ ▬▬ ▬▬▬▬ ▬▬▬ ▬▬ ▬▬▬▬▬ ▬▬

Nähmaschinen

▬▬ ▬▬▬ ▬▬▬▬ ▬▬▬▬▬ ▬▬ ▬▬▬ ▬▬▬▬ ▬▬ ▬▬▬▬▬ ▬▬▬ ▬▬▬▬

▬▬▬▬ ▬▬ ▬▬▬ ▬▬▬▬▬ ▬▬▬ ▬▬ ▬▬▬▬ ▬▬▬ ▬▬▬▬ ▬▬ ▬▬▬▬▬
